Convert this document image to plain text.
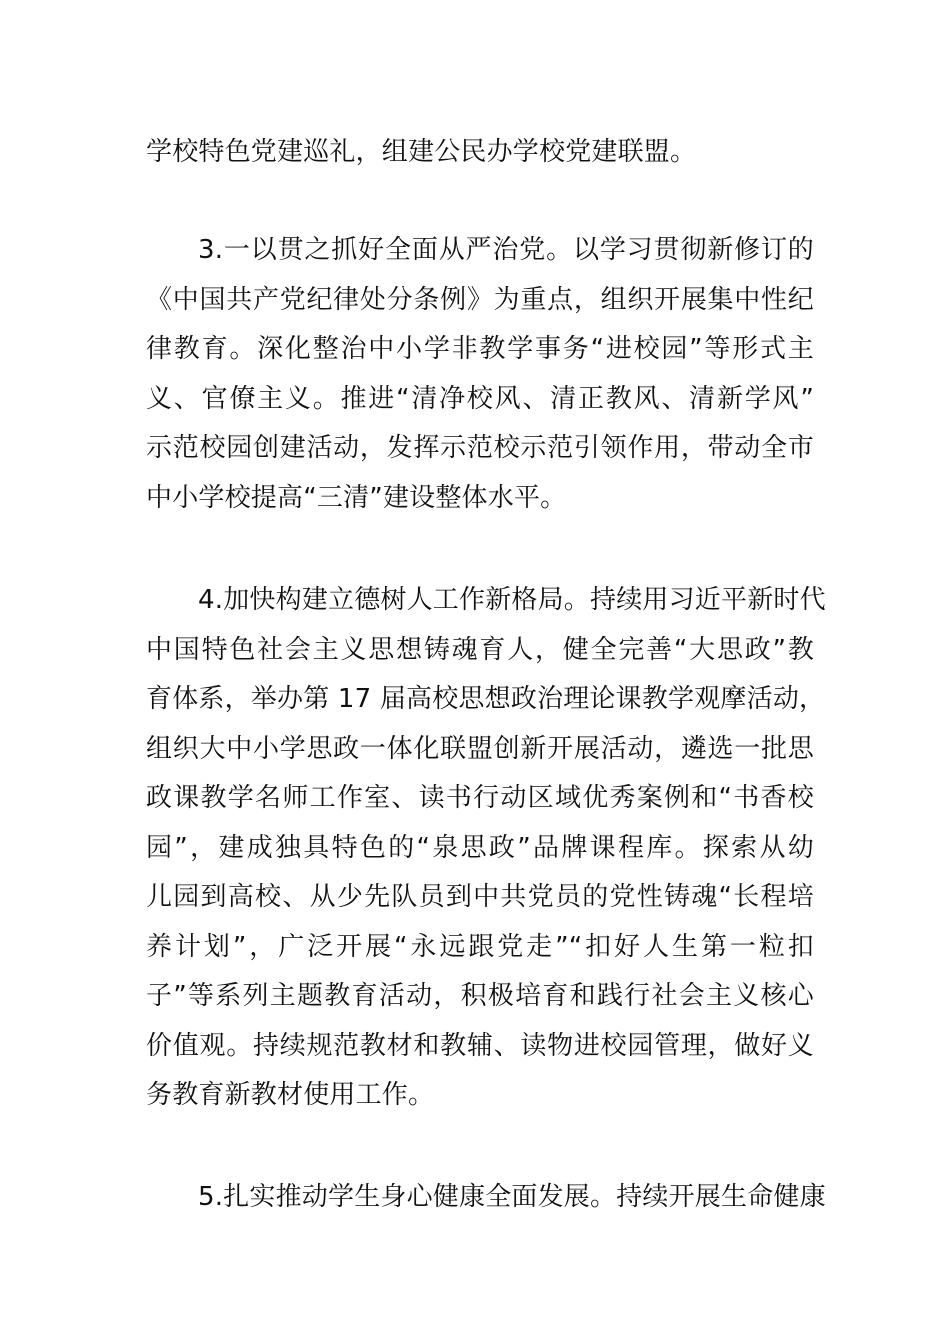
学校特色党建巡礼，组建公民办学校党建联盟。

3.一以贯之抓好全面从严治党。以学习贯彻新修订的
《中国共产党纪律处分条例》为重点，组织开展集中性纪
律教育。深化整治中小学非教学事务“进校园”等形式主
义、官僚主义。推进“清净校风、清正教风、清新学风”
示范校园创建活动，发挥示范校示范引领作用，带动全市
中小学校提高“三清”建设整体水平。

4.加快构建立德树人工作新格局。持续用习近平新时代
中国特色社会主义思想铸魂育人，健全完善“大思政”教
育体系，举办第 17 届高校思想政治理论课教学观摩活动，
组织大中小学思政一体化联盟创新开展活动，遴选一批思
政课教学名师工作室、读书行动区域优秀案例和“书香校
园”，建成独具特色的“泉思政”品牌课程库。探索从幼
儿园到高校、从少先队员到中共党员的党性铸魂“长程培
养计划”，广泛开展“永远跟党走”“扣好人生第一粒扣
子”等系列主题教育活动，积极培育和践行社会主义核心
价值观。持续规范教材和教辅、读物进校园管理，做好义
务教育新教材使用工作。

5.扎实推动学生身心健康全面发展。持续开展生命健康
